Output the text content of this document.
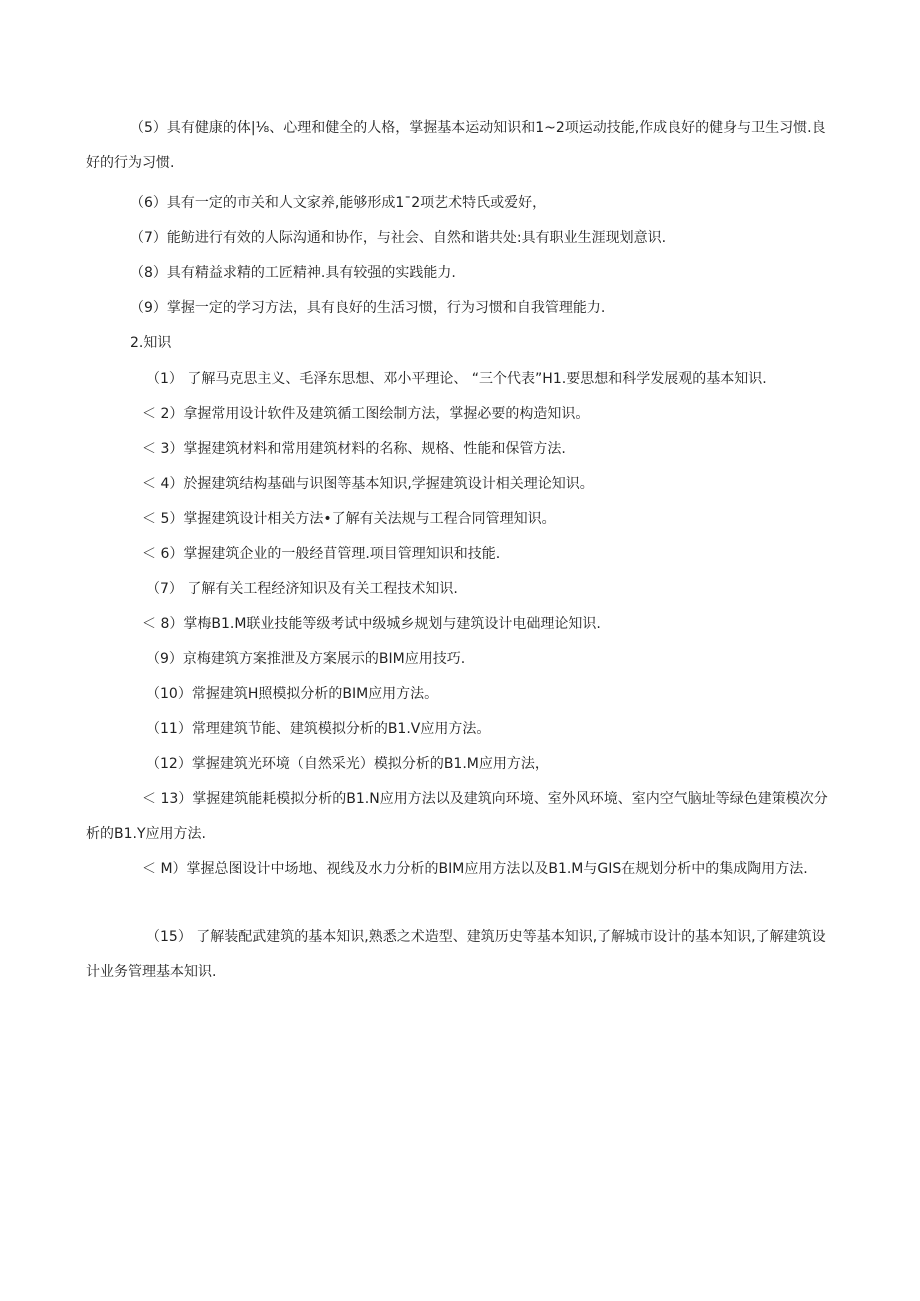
（5）具有健康的体|⅛、心理和健全的人格，掌握基本运动知识和1~2项运动技能,作成良好的健身与卫生习惯.良好的行为习惯.

（6）具有一定的市关和人文家养,能够形成1¯2项艺术特氏或爱好，

（7）能鲂进行有效的人际沟通和协作，与社会、自然和谐共处:具有职业生涯现划意识.

（8）具有精益求精的工匠精神.具有较强的实践能力.

（9）掌握一定的学习方法，具有良好的生活习惯，行为习惯和自我管理能力.

2.知识

（1） 了解马克思主义、毛泽东思想、邓小平理论、 “三个代表”H1.要思想和科学发展观的基本知识.

＜ 2）拿握常用设计软件及建筑循工图绘制方法，掌握必要的构造知识。

＜ 3）掌握建筑材料和常用建筑材料的名称、规格、性能和保管方法.

＜ 4）於握建筑结构基础与识图等基本知识,学握建筑设计相关理论知识。

＜ 5）掌握建筑设计相关方法•了解有关法规与工程合同管理知识。

＜ 6）掌握建筑企业的一般经苜管理.项目管理知识和技能.

（7） 了解有关工程经济知识及有关工程技术知识.

＜ 8）掌梅B1.M联业技能等级考试中级城乡规划与建筑设计电础理论知识.

（9）京梅建筑方案推泄及方案展示的BIM应用技巧.

（10）常握建筑H照模拟分析的BIM应用方法。

（11）常理建筑节能、建筑模拟分析的B1.V应用方法。

（12）掌握建筑光环境（自然采光）模拟分析的B1.M应用方法，

＜ 13）掌握建筑能耗模拟分析的B1.N应用方法以及建筑向环境、室外风环境、室内空气脑址等绿色建策模次分析的B1.Y应用方法.

＜ M）掌握总图设计中场地、视线及水力分析的BIM应用方法以及B1.M与GIS在规划分析中的集成陶用方法.

（15） 了解装配武建筑的基本知识,熟悉之术造型、建筑历史等基本知识,了解城市设计的基本知识,了解建筑设计业务管理基本知识.
